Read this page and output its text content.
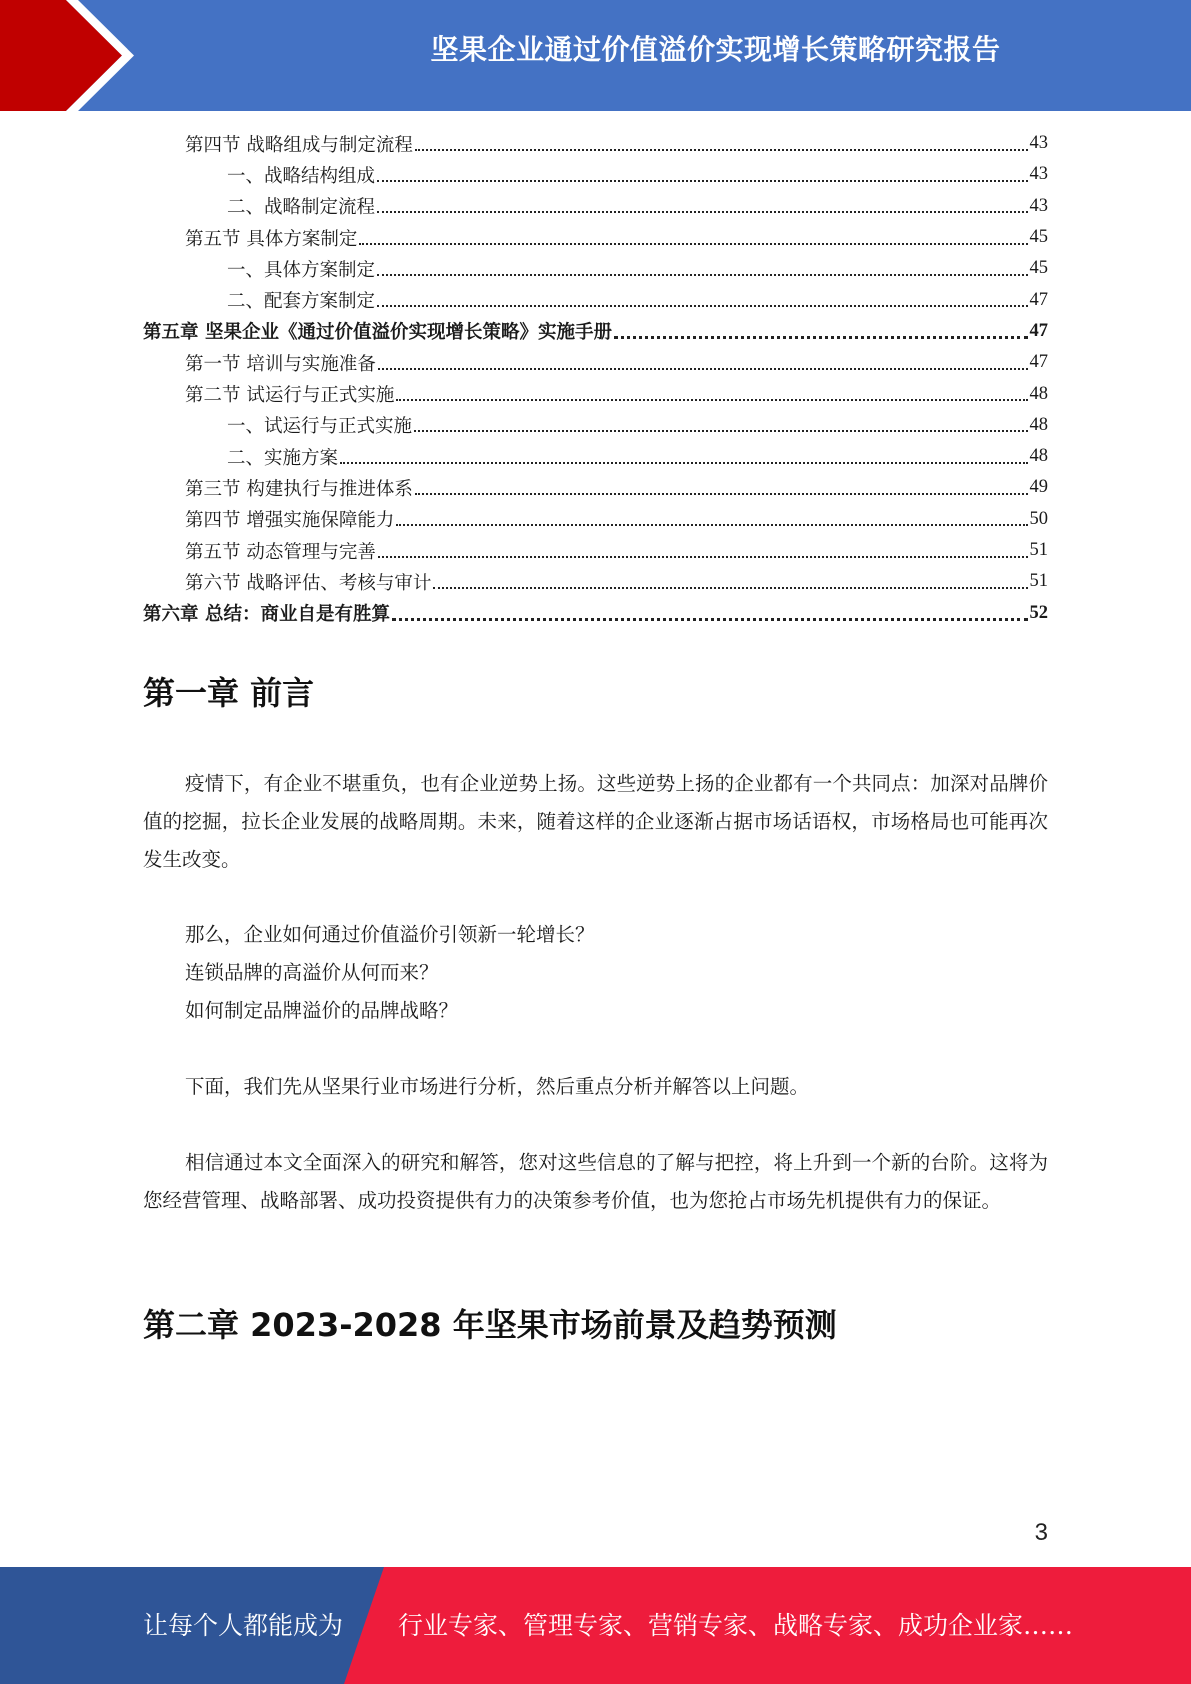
坚果企业通过价值溢价实现增长策略研究报告
第四节 战略组成与制定流程	43
一、战略结构组成	43
二、战略制定流程	43
第五节 具体方案制定	45
一、具体方案制定	45
二、配套方案制定	47
第五章 坚果企业《通过价值溢价实现增长策略》实施手册	47
第一节 培训与实施准备	47
第二节 试运行与正式实施	48
一、试运行与正式实施	48
二、实施方案	48
第三节 构建执行与推进体系	49
第四节 增强实施保障能力	50
第五节 动态管理与完善	51
第六节 战略评估、考核与审计	51
第六章 总结：商业自是有胜算	52
第一章 前言
疫情下，有企业不堪重负，也有企业逆势上扬。这些逆势上扬的企业都有一个共同点：加深对品牌价值的挖掘，拉长企业发展的战略周期。未来，随着这样的企业逐渐占据市场话语权，市场格局也可能再次发生改变。
那么，企业如何通过价值溢价引领新一轮增长？
连锁品牌的高溢价从何而来？
如何制定品牌溢价的品牌战略？
下面，我们先从坚果行业市场进行分析，然后重点分析并解答以上问题。
相信通过本文全面深入的研究和解答，您对这些信息的了解与把控，将上升到一个新的台阶。这将为您经营管理、战略部署、成功投资提供有力的决策参考价值，也为您抢占市场先机提供有力的保证。
第二章 2023-2028 年坚果市场前景及趋势预测
3
让每个人都能成为 行业专家、管理专家、营销专家、战略专家、成功企业家……
